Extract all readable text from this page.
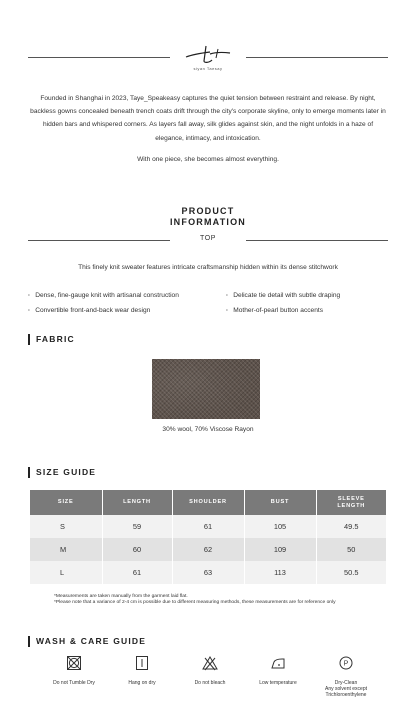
siyan Taesay

Founded in Shanghai in 2023, Taye_Speakeasy captures the quiet tension between restraint and release. By night, backless gowns concealed beneath trench coats drift through the city's corporate skyline, only to emerge moments later in hidden bars and whispered corners. As layers fall away, silk glides against skin, and the night unfolds in a haze of elegance, intimacy, and intoxication.

With one piece, she becomes almost everything.

PRODUCT
INFORMATION
TOP

This finely knit sweater features intricate craftsmanship hidden within its dense stitchwork

· Dense, fine-gauge knit with artisanal construction	· Delicate tie detail with subtle draping
· Convertible front-and-back wear design	· Mother-of-pearl button accents
FABRIC

30% wool, 70% Viscose Rayon

SIZE GUIDE
SIZE	LENGTH	SHOULDER	BUST	SLEEVE LENGTH
S	59	61	105	49.5
M	60	62	109	50
L	61	63	113	50.5
*Measurements are taken manually from the garment laid flat.
*Please note that a variance of 2-4 cm is possible due to different measuring methods, these measurements are for reference only
WASH & CARE GUIDE
Do not Tumble Dry	Hang on dry	Do not bleach	Low temperature
P
Dry-Clean
Any solvent except
Trichloroenthylene
